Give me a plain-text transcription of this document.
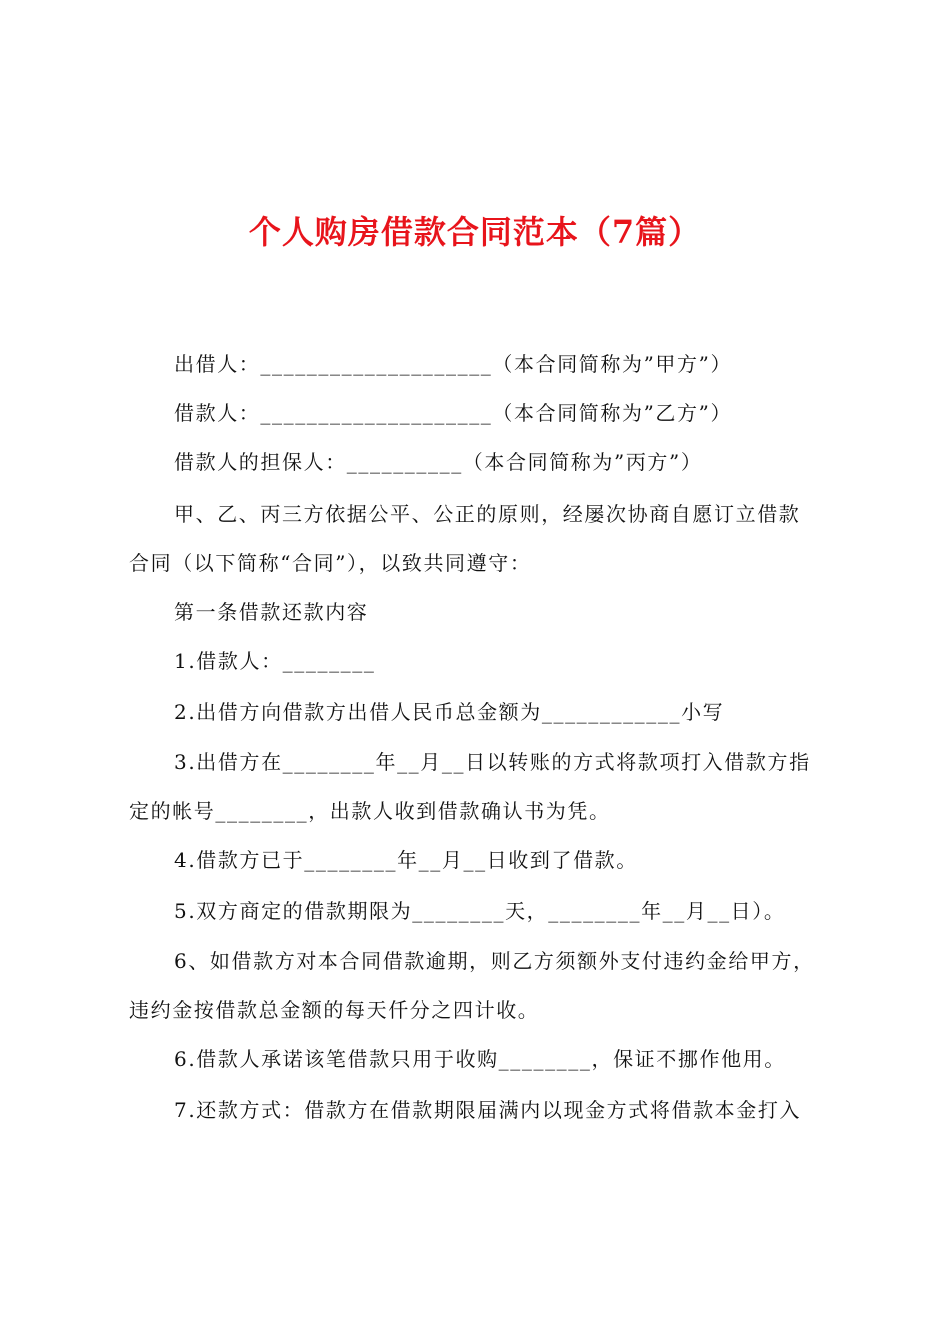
个人购房借款合同范本（7篇）
出借人：____________________（本合同简称为”甲方”）
借款人：____________________（本合同简称为”乙方”）
借款人的担保人：__________（本合同简称为”丙方”）
甲、乙、丙三方依据公平、公正的原则，经屡次协商自愿订立借款
合同（以下简称“合同”），以致共同遵守：
第一条借款还款内容
1.借款人：________
2.出借方向借款方出借人民币总金额为____________小写
3.出借方在________年__月__日以转账的方式将款项打入借款方指
定的帐号________，出款人收到借款确认书为凭。
4.借款方已于________年__月__日收到了借款。
5.双方商定的借款期限为________天，________年__月__日）。
6、如借款方对本合同借款逾期，则乙方须额外支付违约金给甲方，
违约金按借款总金额的每天仟分之四计收。
6.借款人承诺该笔借款只用于收购________，保证不挪作他用。
7.还款方式：借款方在借款期限届满内以现金方式将借款本金打入
